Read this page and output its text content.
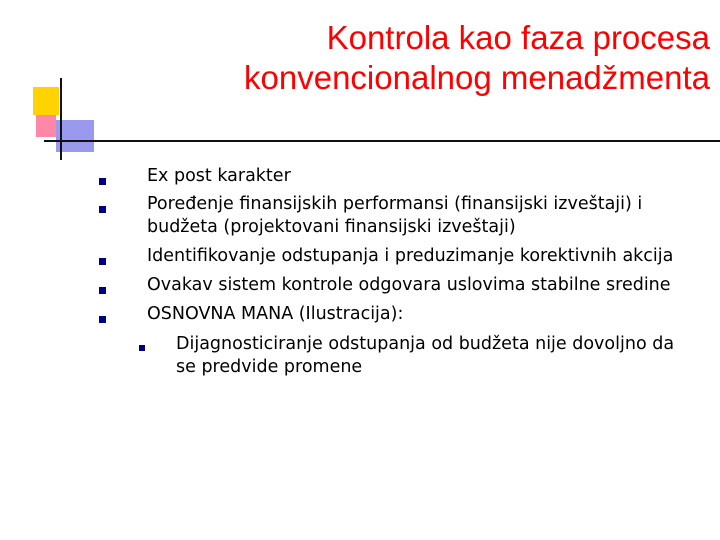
Kontrola kao faza procesa
konvencionalnog menadžmenta
Ex post karakter
Poređenje finansijskih performansi (finansijski izveštaji) i
budžeta (projektovani finansijski izveštaji)
Identifikovanje odstupanja i preduzimanje korektivnih akcija
Ovakav sistem kontrole odgovara uslovima stabilne sredine
OSNOVNA MANA (Ilustracija):
Dijagnosticiranje odstupanja od budžeta nije dovoljno da
se predvide promene
